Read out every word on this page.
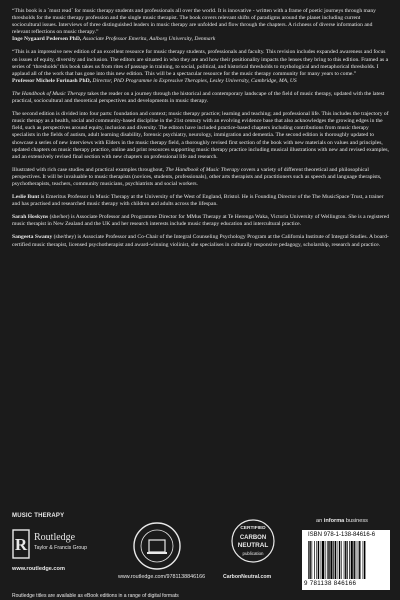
“This book is a ´must read´ for music therapy students and professionals all over the world. It is innovative - written with a frame of poetic journeys through many thresholds for the music therapy profession and the single music therapist. The book covers relevant shifts of paradigms around the planet including current sociocultural issues. Interviews of three distinguished leaders in music therapy are unfolded and flow through the chapters. A richness of diverse information and relevant reflections on music therapy.”
Inge Nygaard Pedersen PhD, Associate Professor Emerita, Aalborg University, Denmark

“This is an impressive new edition of an excellent resource for music therapy students, professionals and faculty. This revision includes expanded awareness and focus on issues of equity, diversity and inclusion. The editors are situated in who they are and how their positionality impacts the lenses they bring to this edition. Framed as a series of ‘thresholds’ this book takes us from rites of passage in training, to social, political, and historical thresholds to mythological and metaphorical thresholds. I applaud all of the work that has gone into this new edition. This will be a spectacular resource for the music therapy community for many years to come.”
Professor Michele Forinash PhD, Director, PhD Programme in Expressive Therapies, Lesley University, Cambridge, MA, US

The Handbook of Music Therapy takes the reader on a journey through the historical and contemporary landscape of the field of music therapy, updated with the latest practical, sociocultural and theoretical perspectives and developments in music therapy.

The second edition is divided into four parts: foundation and context; music therapy practice; learning and teaching; and professional life. This includes the trajectory of music therapy as a health, social and community-based discipline in the 21st century with an evolving evidence base that also acknowledges the growing edges in the field, such as perspectives around equity, inclusion and diversity. The editors have included practice-based chapters including contributions from music therapy specialists in the fields of autism, adult learning disability, forensic psychiatry, neurology, immigration and dementia. The second edition is thoroughly updated to showcase a series of new interviews with Elders in the music therapy field, a thoroughly revised first section of the book with new materials on values and principles, updated chapters on music therapy practice, online and print resources supporting music therapy practice including musical illustrations with new and revised examples, and an extensively revised final section with new chapters on professional life and research.

Illustrated with rich case studies and practical examples throughout, The Handbook of Music Therapy covers a variety of different theoretical and philosophical perspectives. It will be invaluable to music therapists (novices, students, professionals), other arts therapists and practitioners such as speech and language therapists, psychotherapists, teachers, community musicians, psychiatrists and social workers.

Leslie Bunt is Emeritus Professor in Music Therapy at the University of the West of England, Bristol. He is Founding Director of the The MusicSpace Trust, a trainer and has practised and researched music therapy with children and adults across the lifespan.

Sarah Hoskyns (she/her) is Associate Professor and Programme Director for MMus Therapy at Te Herenga Waka, Victoria University of Wellington. She is a registered music therapist in New Zealand and the UK and her research interests include music therapy education and intercultural practice.

Sangeeta Swamy (she/they) is Associate Professor and Co-Chair of the Integral Counseling Psychology Program at the California Institute of Integral Studies. A board-certified music therapist, licensed psychotherapist and award-winning violinist, she specialises in culturally responsive pedagogy, scholarship, research and practice.

MUSIC THERAPY
R Routledge
Taylor & Francis Group
www.routledge.com
www.routledge.com/9781138846166
CERTIFIED
CARBON
NEUTRAL
publication
CarbonNeutral.com
an informa business
ISBN 978-1-138-84616-6
9 781138 846166
Routledge titles are available as eBook editions in a range of digital formats
